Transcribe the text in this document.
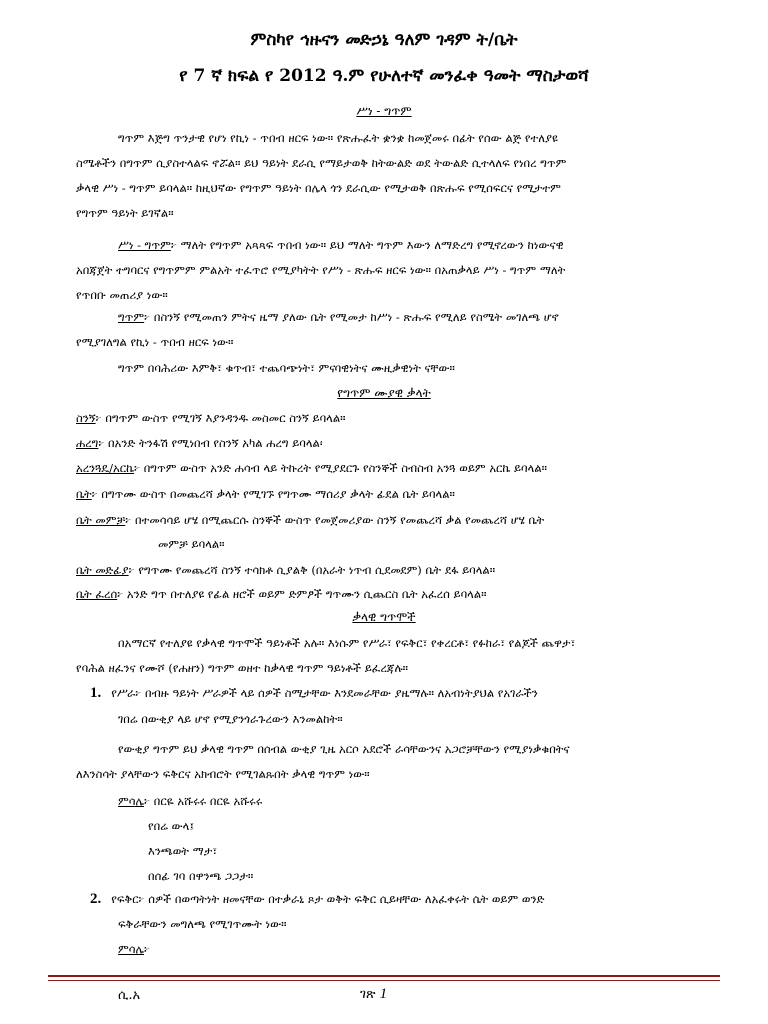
ምስካየ ኅዙናን መድኃኔ ዓለም ገዳም ት/ቤት
የ 7 ኛ ክፍል የ 2012 ዓ.ም የሁለተኛ መንፈቀ ዓመት ማስታወሻ
ሥነ - ግጥም
ግጥም እጅግ ጥንታዊ የሆነ የኪነ - ጥበብ ዘርፍ ነው። የጽሑፈት ቋንቋ ከመጀመሩ በፊት የሰው ልጅ የተለያዩ
ስሜቶችን በግጥም ሲያስተላልፍ ኖሯል። ይህ ዓይነት ደራሲ የማይታወቅ ከትውልድ ወደ ትውልድ ሲተላለፍ የነበረ ግጥም
ቃላዊ ሥነ - ግጥም ይባላል። ከዚህኛው የግጥም ዓይነት በሌላ ጎን ደራሲው የሚታወቅ በጽሑፍ የሚሰፍርና የሚታተም
የግጥም ዓይነት ይገኛል።
ሥነ - ግጥም፦ ማለት የግጥም አጻጻፍ ጥበብ ነው። ይህ ማለት ግጥም እውን ለማድረግ የሚኖረውን ከነውናዊ
አበጃጀት ተግባርና የግጥምም ምልአት ተፈጥሮ የሚያካትት የሥነ - ጽሑፍ ዘርፍ ነው። በአጠቃላይ ሥነ - ግጥም ማለት
የጥበቡ መጠሪያ ነው።
ግጥም፦ በስንኝ የሚመጠን ምትና ዜማ ያለው ቤት የሚመታ ከሥነ - ጽሑፍ የሚለይ የስሜት መገለጫ ሆኖ
የሚያገለግል የኪነ - ጥበብ ዘርፍ ነው።
ግጥም በባሕሪው እምቅ፣ ቁጥብ፣ ተጨባጭነት፣ ምናባዊነትና ሙዚቃዊነት ናቸው።
የግጥም ሙያዊ ቃላት
ስንኝ፦ በግጥም ውስጥ የሚገኝ እያንዳንዱ መስመር ስንኝ ይባላል።
ሐረግ፦ በአንድ ትንፋሽ የሚነበብ የስንኝ አካል ሐረግ ይባላል፡
አረንጓዴ/አርኬ፦ በግጥም ውስጥ አንድ ሐሳብ ላይ ትኩረት የሚያደርጉ የስንኞች ስብስብ አንጓ ወይም አርኬ ይባላል።
ቤት፦ በግጥሙ ውስጥ በመጨረሻ ቃላት የሚገኙ የግጥሙ ማሰሪያ ቃላት ፊደል ቤት ይባላል።
ቤት መምቻ፦ በተመሳሳይ ሆሄ በሚጨርሱ ስንኞች ውስጥ የመጀመሪያው ስንኝ የመጨረሻ ቃል የመጨረሻ ሆሄ ቤት
መምቻ ይባላል።
ቤት መድፊያ፦ የግጥሙ የመጨረሻ ስንኝ ተሳክቶ ሲያልቅ (በአራት ነጥብ ሲደመደም) ቤት ደፋ ይባላል።
ቤት ፈረሰ፦ አንድ ግጥ በተለያዩ የፊል ዘሮች ወይም ድምፆች ግጥሙን ሲጨርስ ቤት አፈረሰ ይባላል።
ቃላዊ ግጥሞች
በአማርኛ የተለያዩ የቃላዊ ግጥሞች ዓይነቶች አሉ። እነሱም የሥራ፣ የፍቅር፣ የቀረርቶ፣ የፉከራ፣ የልጆች ጨዋታ፣
የባሕል ዘፈንና የሙሾ (የሐዘን) ግጥም ወዘተ ከቃላዊ ግጥም ዓይነቶች ይፈረጃሉ።
1. የሥራ፦ በብዙ ዓይነት ሥራዎች ላይ ሰዎች ስሚታቸው እንደመራቸው ያዜማሉ። ለአብነትያህል የአገራችን
ገበሬ በውቂያ ላይ ሆኖ የሚያንጎራጉረውን እንመልከት።
የውቂያ ግጥም ይህ ቃላዊ ግጥም በሰብል ውቂያ ጊዜ አርሶ አደሮች ራሳቸውንና አጋሮቻቸውን የሚያነቃቁበትና
ለእንስሳት ያላቸውን ፍቅርና አክብሮት የሚገልጹበት ቃላዊ ግጥም ነው።
ምሳሌ፦ በርዬ አሹሩሩ በርዬ አሹሩሩ
የበሬ ውላ፤
እንጫወት ማታ፣
በሰፊ ገባ በዋንጫ ጋጋታ።
2. የፍቅር፦ ሰዎች በወጣትነት ዘመናቸው በተቃራኒ ጾታ ወቅት ፍቅር ሲይዛቸው ለአፈቀሩት ሴት ወይም ወንድ
ፍቅራቸውን መግለጫ የሚገጥሙት ነው።
ምሳሌ፦
ሲ.አ	ገጽ 1
